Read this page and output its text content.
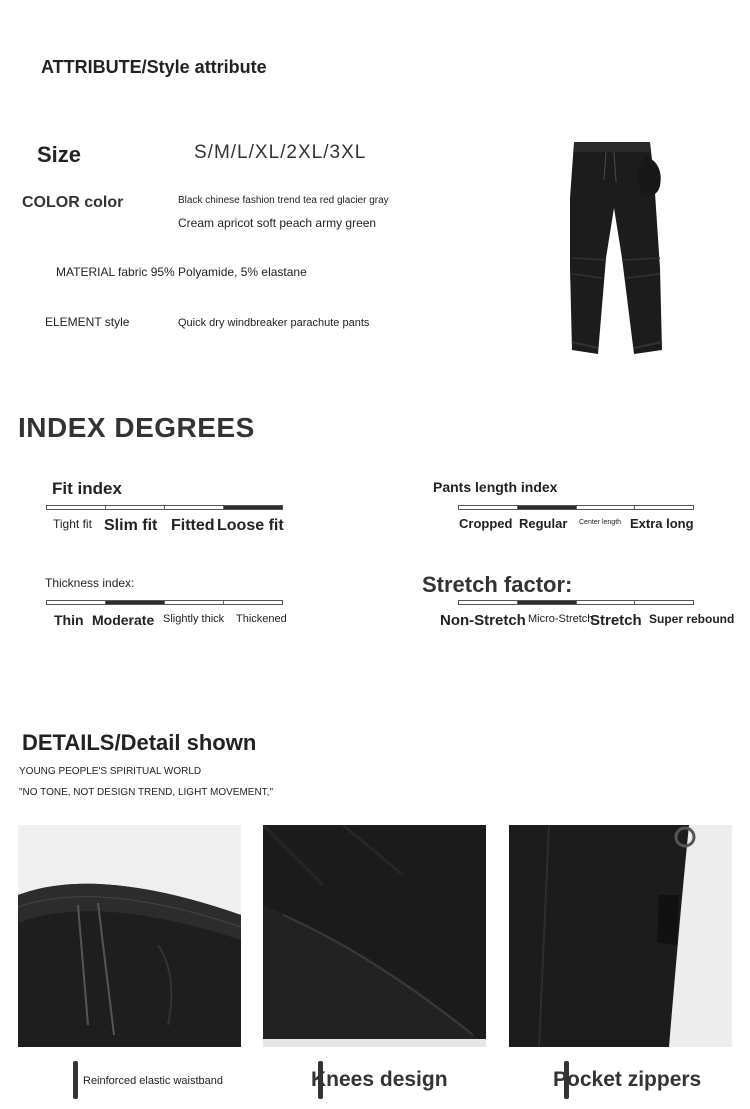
ATTRIBUTE/Style attribute
Size	S/M/L/XL/2XL/3XL
COLOR color	Black chinese fashion trend tea red glacier gray
Cream apricot soft peach army green
MATERIAL fabric 95% Polyamide, 5% elastane
ELEMENT style	Quick dry windbreaker parachute pants
INDEX DEGREES
Fit index
Tight fit Slim fit Fitted Loose fit
Pants length index
Cropped Regular Center length Extra long
Thickness index:
Thin Moderate Slightly thick Thickened
Stretch factor:
Non-Stretch Micro-Stretch
Stretch Super rebound
DETAILS/Detail shown
YOUNG PEOPLE'S SPIRITUAL WORLD
"NO TONE, NOT DESIGN TREND, LIGHT MOVEMENT,"
Reinforced elastic waistband	Knees design	Pocket zippers
